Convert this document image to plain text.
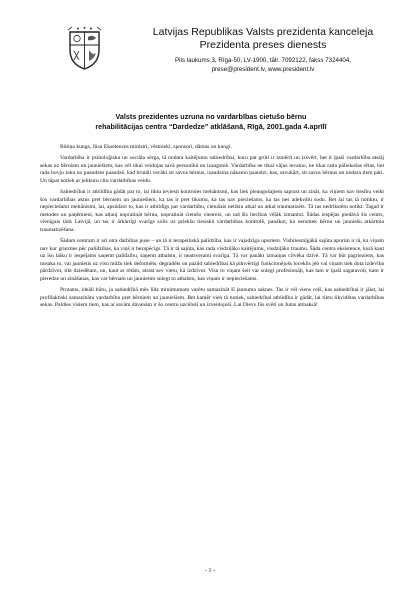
Latvijas Republikas Valsts prezidenta kanceleja
Prezidenta preses dienests
Pils laukums 3, Rīga-50, LV-1900, tālr. 7092122, fakss 7324404,
prese@president.lv, www.president.lv
Valsts prezidentes uzruna no vardarbības cietušo bērnu
rehabilitācijas centra “Dardedze” atklāšanā, Rīgā, 2001.gada 4.aprīlī

Būtiņa kungs, Jūsu Ekselences ministri, vēstnieki, sponsori, dāmas un kungi.

Vardarbība ir psiholoģiska un sociāla sērga, tā nodara kaitējumu sabiedrībai, kuru pat grūti ir izmērīt un izsvērt, bet it īpaši vardarbība atstāj sekas uz bērniem un jauniešiem, kas vēl tikai veidojas savā personībā un izaugsmē. Vardarbība ne tikai vājus ievaino, ne tikai rada pāliekošas rētas, bet rada buvju loku no paaudzes paaudzē, kad brutāli vecāki sit savus bērnus, izaudzina nākamo paaudzi, kas, savukārt, sit savus bērnus un nodara tiem pāri. Un tāpat notiek ar jebkuru citu vardarbības veidu.

Sabiedrībai ir atbildība gādāt par to, lai tiktu ieviesti kontroles mehānismi, kas liek pieaugušajiem saprast un zināt, ka viņiem nav tiesību veikt šos vardarbības aktus pret bērniem un jauniešiem, ka tas ir pret likumu, ka tas nav pieciešams, ka tas nes adekvātu sodu. Bet lai tas tā notiktu, ir nepieciešami mehānismi, lai, apsūdzot to, kas ir atbildīgs par vardarbību, cietušais netiktu atkal un atkal traumatizēts. Tā tas nedrīkstētu notikt. Tagad ir metodes un paņēmieni, kas atļauj nopratināt bērnu, nopratināt cietušo vienreiz, un tad šīs liecības vēlāk izmantot. Šādas iespējas piedāvā šis centrs, vienīgais tāds Latvijā, un tas ir ārkārtīgi svarīgs solis uz priekšu tiesiskā vardarbības kontrolē, panākot, ka nenotiek bērnu un jauniešu atkārtota traumatizēšana.

Šādam centram ir arī otra darbības puse – un tā ir terapeitiskā palīdzība, kas ir vajadzīga upuriem. Visbriesmīgākā sajūta upurim ir tā, ka viņam nav kur griezties pēc palīdzības, ka viņš ir bezspēcīgs. Tā ir tā sajūta, kas rada visdziļāko kaitējumu, visdziļāko traumu. Šāda centra eksistence, kurā kaut uz īsu laiku ir iespējams saņemt palīdzību, saņemt atbalstu, ir neatsverami svarīga. Tā var panākt izmaiņas cilvēka dzīvē. Tā var būt pagrieziens, kas nosaka to, vai jaunietis uz visu mūžu tiek deformēts, degradēts un pazūd sabiedrībai kā pilnvērtīgi funkcionējošs loceklis jeb vai viņam tiek dota izdevība pārdzīvot, tikt dziedētam, un, kaut ar rētām, atrast sev vietu, kā izdzīvot. Visu to viņam šeit var sniegt profesionāļi, kas tam ir īpaši sagatavoti, kam ir pieredze un zināšanas, kas var bērnam un jaunietim sniegt to atbalstu, kas viņam ir nepieciešams.

Protams, ideāli būtu, ja sabiedrībā mēs līdz minimumam varētu samazināt šī ļaunuma saknes. Tas ir vēl viens ceļš, kas sabiedrībai ir jāiet, lai profilaktiski samazinātu vardarbību pret bērniem un jauniešiem. Bet kamēr vien tā notiek, sabiedrībai atbildība ir gādāt, lai tiktu likvidētas vardarbības sekas. Paldies visiem tiem, kas ar savām dāvanām ir šo centru uzcēluši un izveidojuši. Lai Dievs Jūs svētī un Jums atmaksā!

- 1 -
